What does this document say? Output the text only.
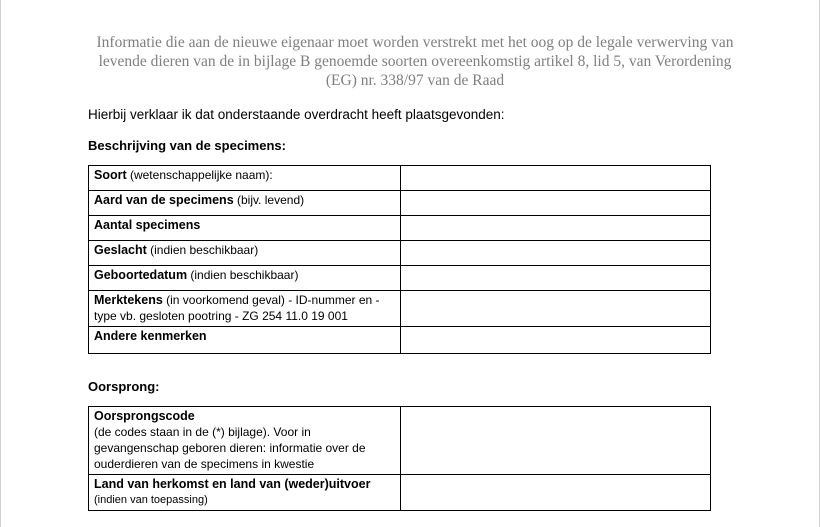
Informatie die aan de nieuwe eigenaar moet worden verstrekt met het oog op de legale verwerving van
levende dieren van de in bijlage B genoemde soorten overeenkomstig artikel 8, lid 5, van Verordening
(EG) nr. 338/97 van de Raad
Hierbij verklaar ik dat onderstaande overdracht heeft plaatsgevonden:
Beschrijving van de specimens:
Soort (wetenschappelijke naam):	
Aard van de specimens (bijv. levend)	
Aantal specimens	
Geslacht (indien beschikbaar)	
Geboortedatum (indien beschikbaar)	
Merktekens (in voorkomend geval) - ID-nummer en - type vb. gesloten pootring - ZG 254 11.0 19 001	
Andere kenmerken	
Oorsprong:
Oorsprongscode
(de codes staan in de (*) bijlage). Voor in gevangenschap geboren dieren: informatie over de ouderdieren van de specimens in kwestie	

Land van herkomst en land van (weder)uitvoer
(indien van toepassing)	
